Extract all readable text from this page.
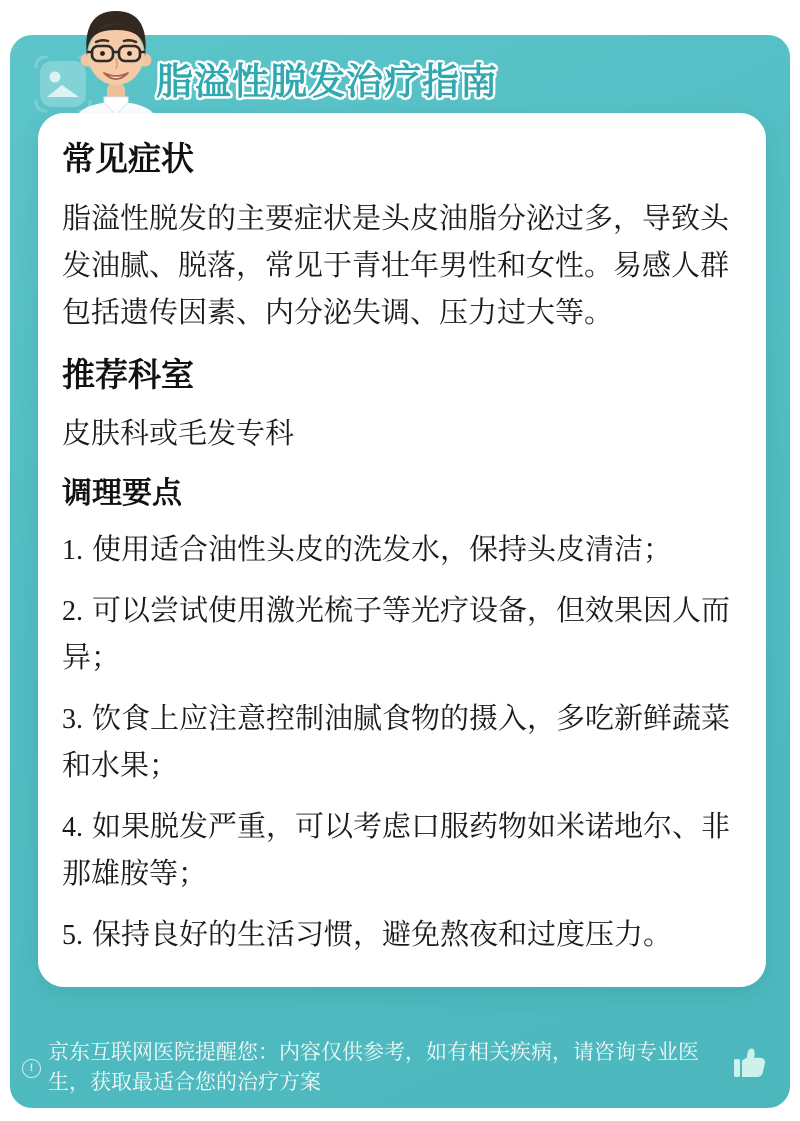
脂溢性脱发治疗指南
常见症状

脂溢性脱发的主要症状是头皮油脂分泌过多，导致头发油腻、脱落，常见于青壮年男性和女性。易感人群包括遗传因素、内分泌失调、压力过大等。

推荐科室

皮肤科或毛发专科

调理要点

1. 使用适合油性头皮的洗发水，保持头皮清洁；

2. 可以尝试使用激光梳子等光疗设备，但效果因人而异；

3. 饮食上应注意控制油腻食物的摄入，多吃新鲜蔬菜和水果；

4. 如果脱发严重，可以考虑口服药物如米诺地尔、非那雄胺等；

5. 保持良好的生活习惯，避免熬夜和过度压力。

!

京东互联网医院提醒您：内容仅供参考，如有相关疾病，请咨询专业医生，获取最适合您的治疗方案
